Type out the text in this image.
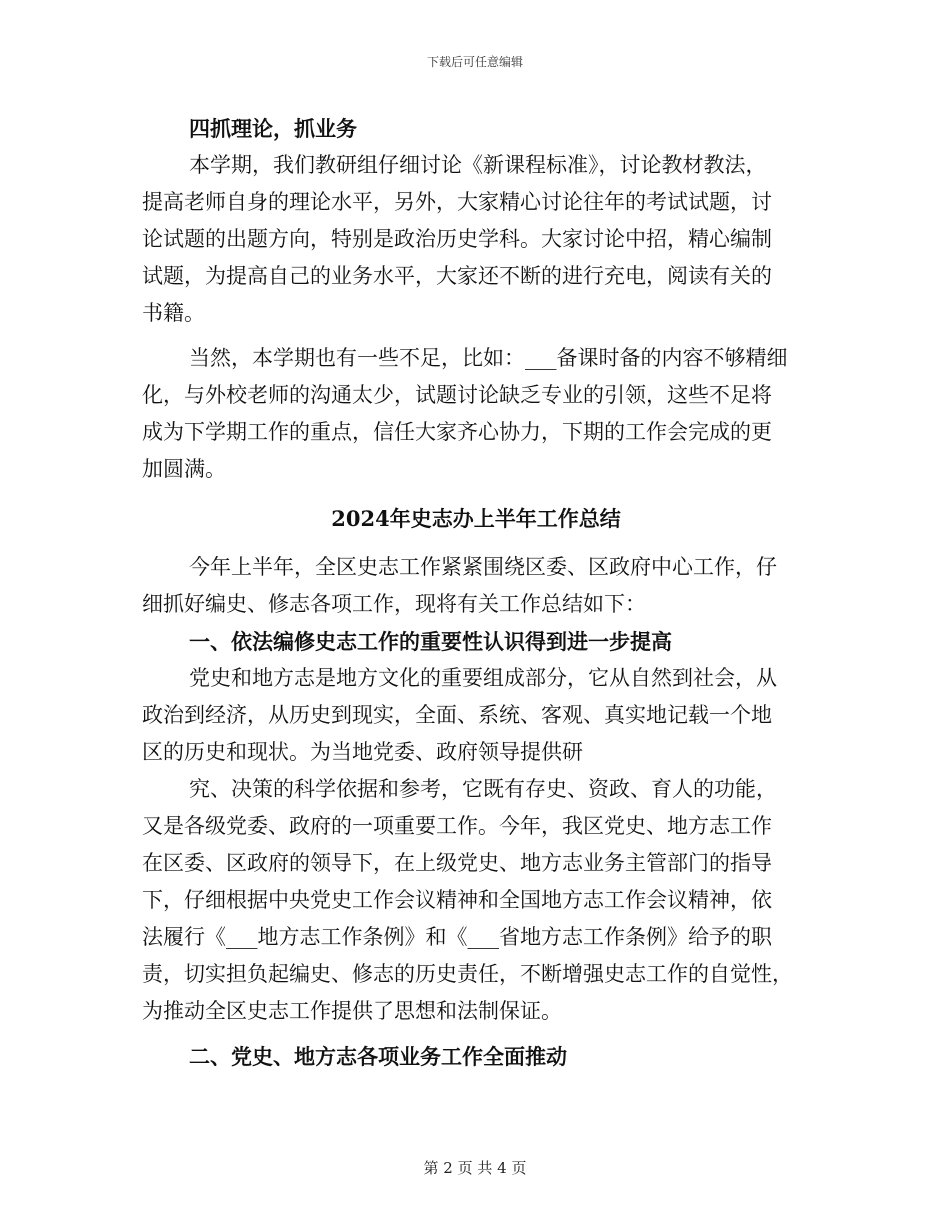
下载后可任意编辑
四抓理论，抓业务
本学期，我们教研组仔细讨论《新课程标准》，讨论教材教法，
提高老师自身的理论水平，另外，大家精心讨论往年的考试试题，讨
论试题的出题方向，特别是政治历史学科。大家讨论中招，精心编制
试题，为提高自己的业务水平，大家还不断的进行充电，阅读有关的
书籍。
当然，本学期也有一些不足，比如：___备课时备的内容不够精细
化，与外校老师的沟通太少，试题讨论缺乏专业的引领，这些不足将
成为下学期工作的重点，信任大家齐心协力，下期的工作会完成的更
加圆满。
2024年史志办上半年工作总结
今年上半年，全区史志工作紧紧围绕区委、区政府中心工作，仔
细抓好编史、修志各项工作，现将有关工作总结如下：
一、依法编修史志工作的重要性认识得到进一步提高
党史和地方志是地方文化的重要组成部分，它从自然到社会，从
政治到经济，从历史到现实，全面、系统、客观、真实地记载一个地
区的历史和现状。为当地党委、政府领导提供研
究、决策的科学依据和参考，它既有存史、资政、育人的功能，
又是各级党委、政府的一项重要工作。今年，我区党史、地方志工作
在区委、区政府的领导下，在上级党史、地方志业务主管部门的指导
下，仔细根据中央党史工作会议精神和全国地方志工作会议精神，依
法履行《___地方志工作条例》和《___省地方志工作条例》给予的职
责，切实担负起编史、修志的历史责任，不断增强史志工作的自觉性，
为推动全区史志工作提供了思想和法制保证。
二、党史、地方志各项业务工作全面推动
第 2 页 共 4 页
